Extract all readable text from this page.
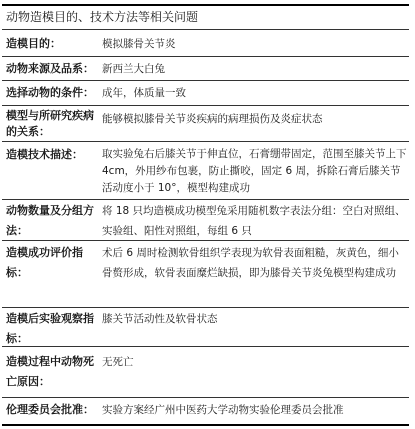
动物造模目的、技术方法等相关问题
造模目的：	模拟膝骨关节炎
动物来源及品系： 新西兰大白兔
选择动物的条件： 成年，体质量一致
模型与所研究疾病的关系：
能够模拟膝骨关节炎疾病的病理损伤及炎症状态
造模技术描述：	取实验兔右后膝关节于伸直位，石膏绷带固定，范围至膝关节上下 4cm，外用纱布包裹，防止撕咬，固定 6 周，拆除石膏后膝关节活动度小于 10°，模型构建成功
动物数量及分组方法：
将 18 只均造模成功模型兔采用随机数字表法分组：空白对照组、实验组、阳性对照组，每组 6 只
造模成功评价指标：
术后 6 周时检测软骨组织学表现为软骨表面粗糙，灰黄色，细小骨赘形成，软骨表面糜烂缺损，即为膝骨关节炎兔模型构建成功
造模后实验观察指标：
膝关节活动性及软骨状态
造模过程中动物死亡原因：
无死亡
伦理委员会批准： 实验方案经广州中医药大学动物实验伦理委员会批准
